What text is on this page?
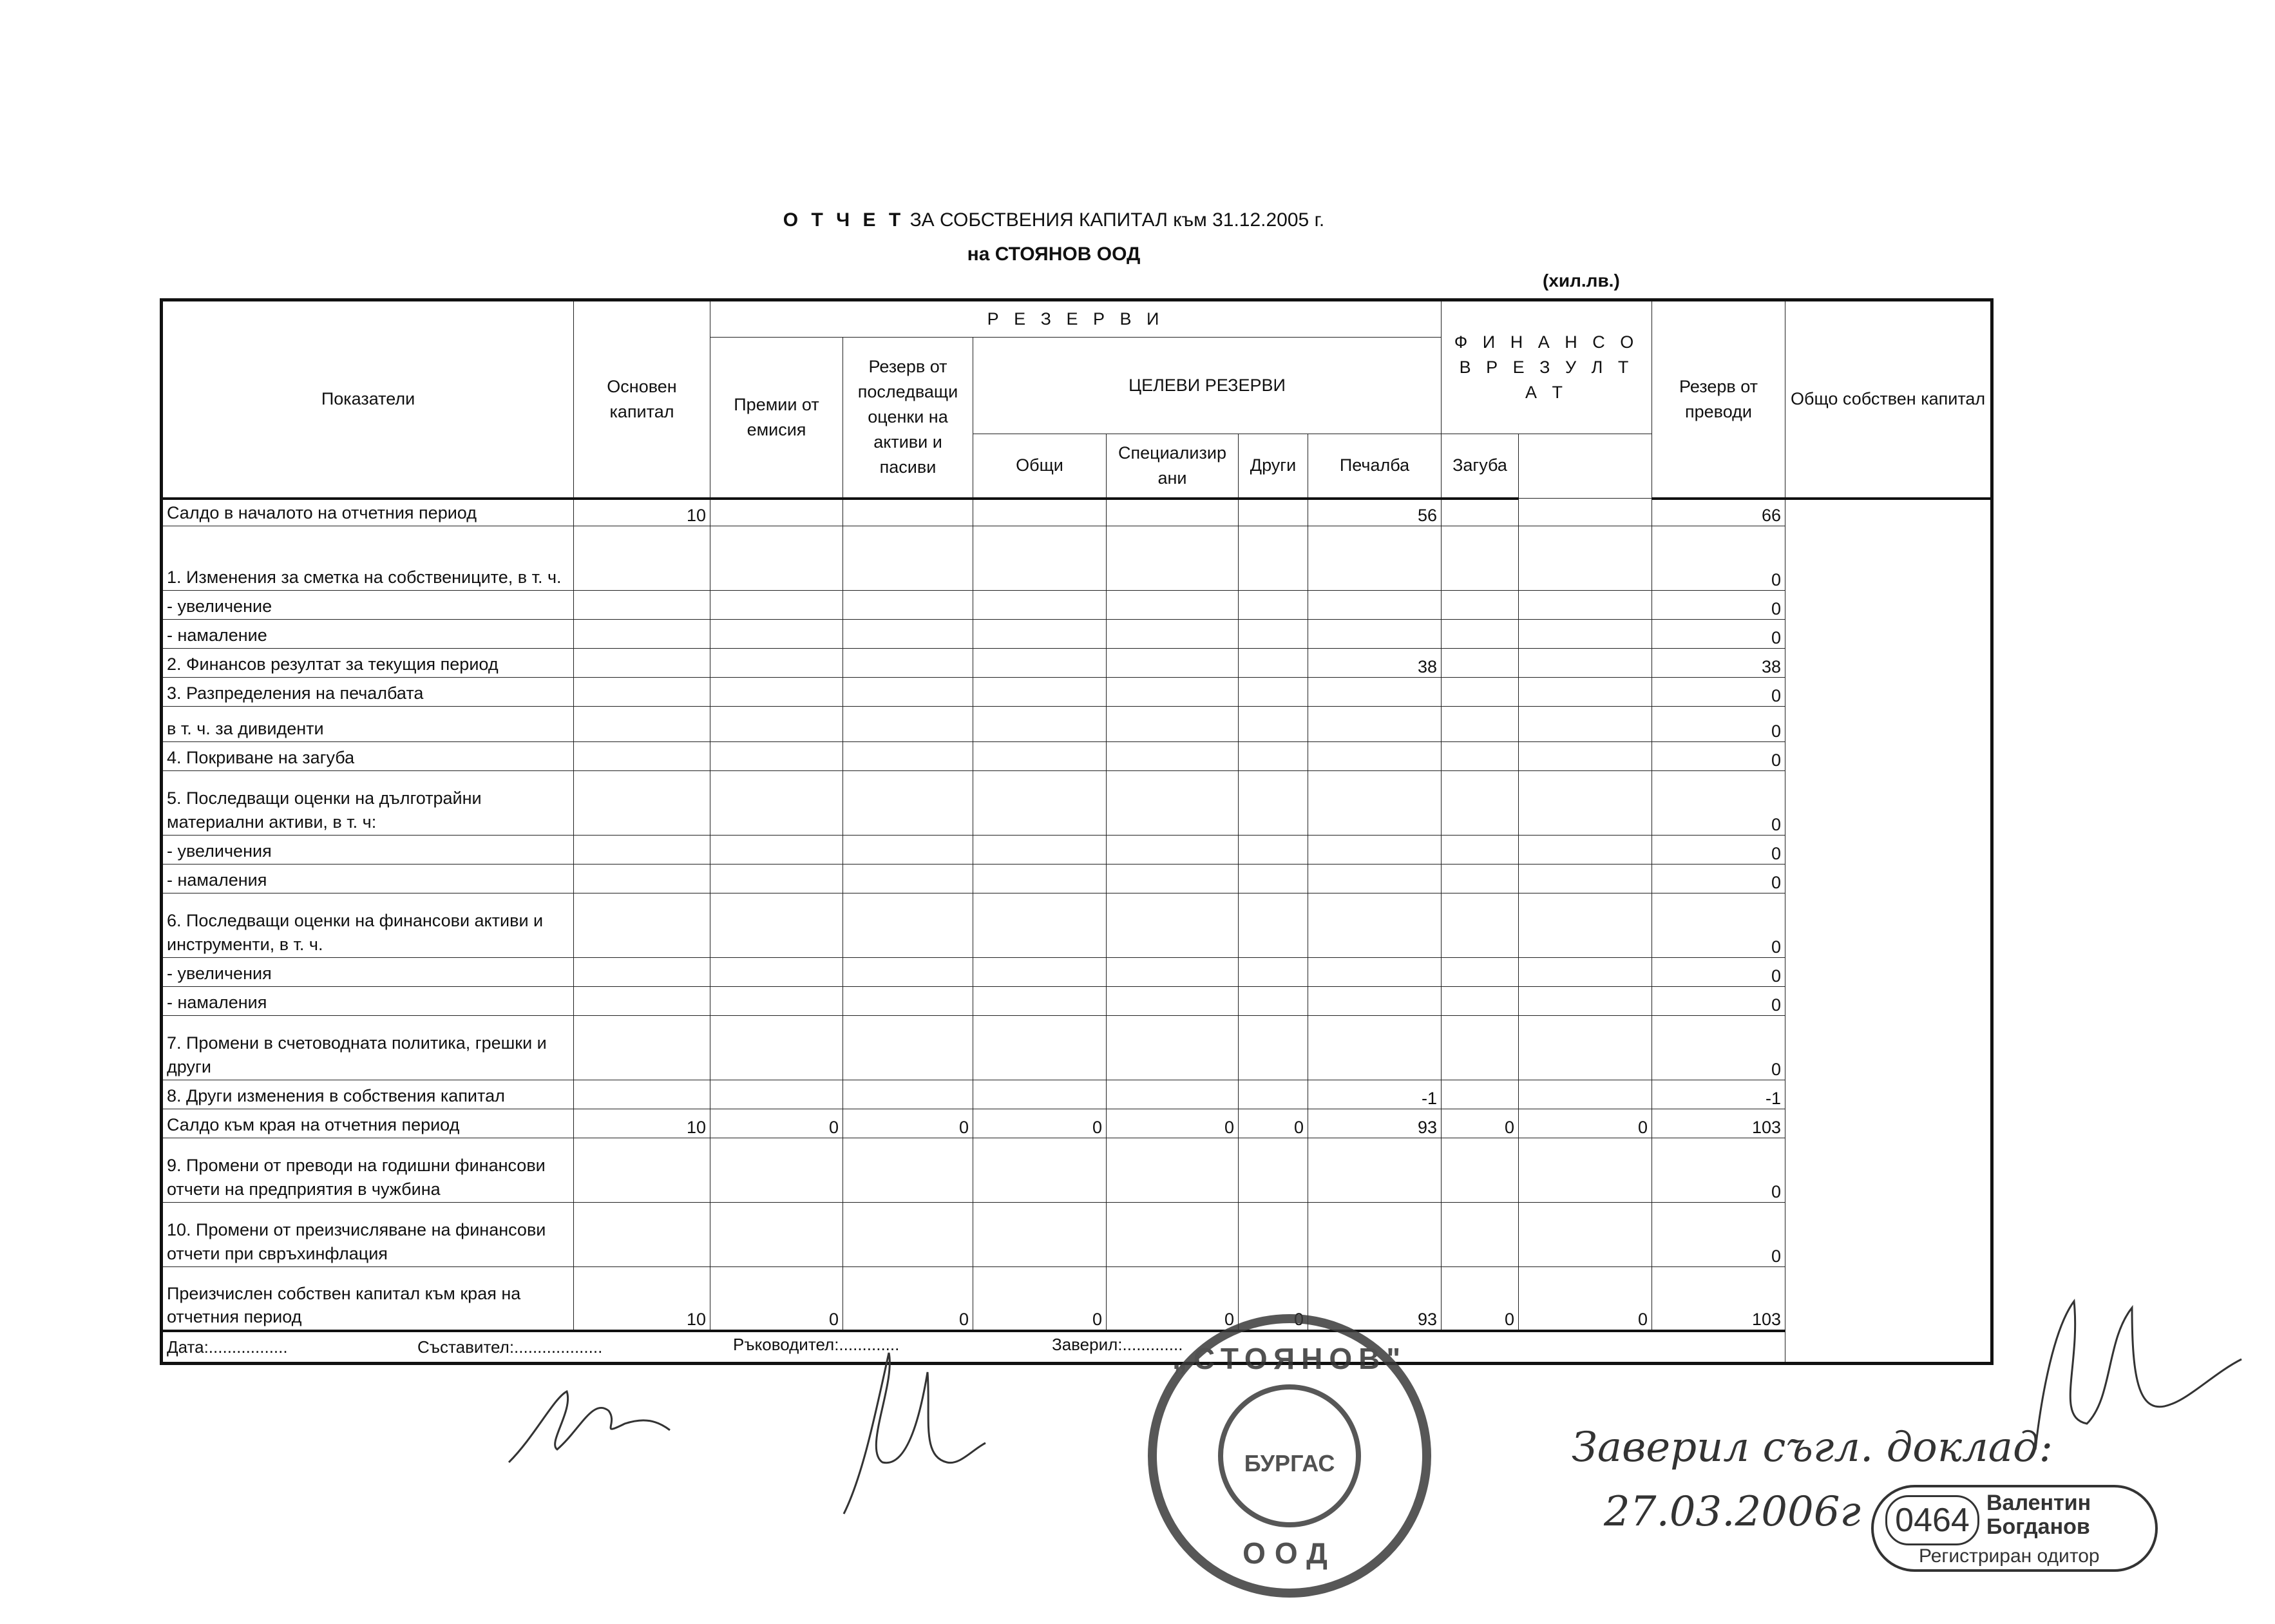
О Т Ч Е Т ЗА СОБСТВЕНИЯ КАПИТАЛ към 31.12.2005 г.
на СТОЯНОВ ООД
(хил.лв.)
Показатели	Основен капитал	Р Е З Е Р В И						Ф И Н А Н С О В Р Е З У Л Т А Т		Резерв от преводи	Общо собствен капитал
		Премии от емисия	Резерв от последващи оценки на активи и пасиви	ЦЕЛЕВИ РЕЗЕРВИ							
				Общи	Специализир ани	Други	Печалба	Загуба			
Салдо в началото на отчетния период	10						56			66	
1. Изменения за сметка на собствениците, в т. ч.										0	
- увеличение										0	
- намаление										0	
2. Финансов резултат за текущия период							38			38	
3. Разпределения на печалбата										0	
в т. ч. за дивиденти										0	
4. Покриване на загуба										0	
5. Последващи оценки на дълготрайни материални активи, в т. ч:										0	
- увеличения										0	
- намаления										0	
6. Последващи оценки на финансови активи и инструменти, в т. ч.										0	
- увеличения										0	
- намаления										0	
7. Промени в счетоводната политика, грешки и други										0	
8. Други изменения в собствения капитал							-1			-1	
Салдо към края на отчетния период	10	0	0	0	0	0	93	0	0	103	
9. Промени от преводи на годишни финансови отчети на предприятия в чужбина										0	
10. Промени от преизчисляване на финансови отчети при свръхинфлация										0	
Преизчислен собствен капитал към края на отчетния период	10	0	0	0	0	0	93	0	0	103	

Дата:................. Съставител:................... Ръководител:............. Заверил:.............											
„СТОЯНОВ"
БУРГАС
ООД
Заверил съгл. доклад:
27.03.2006г 0464 Валентин Богданов
Регистриран одитор
